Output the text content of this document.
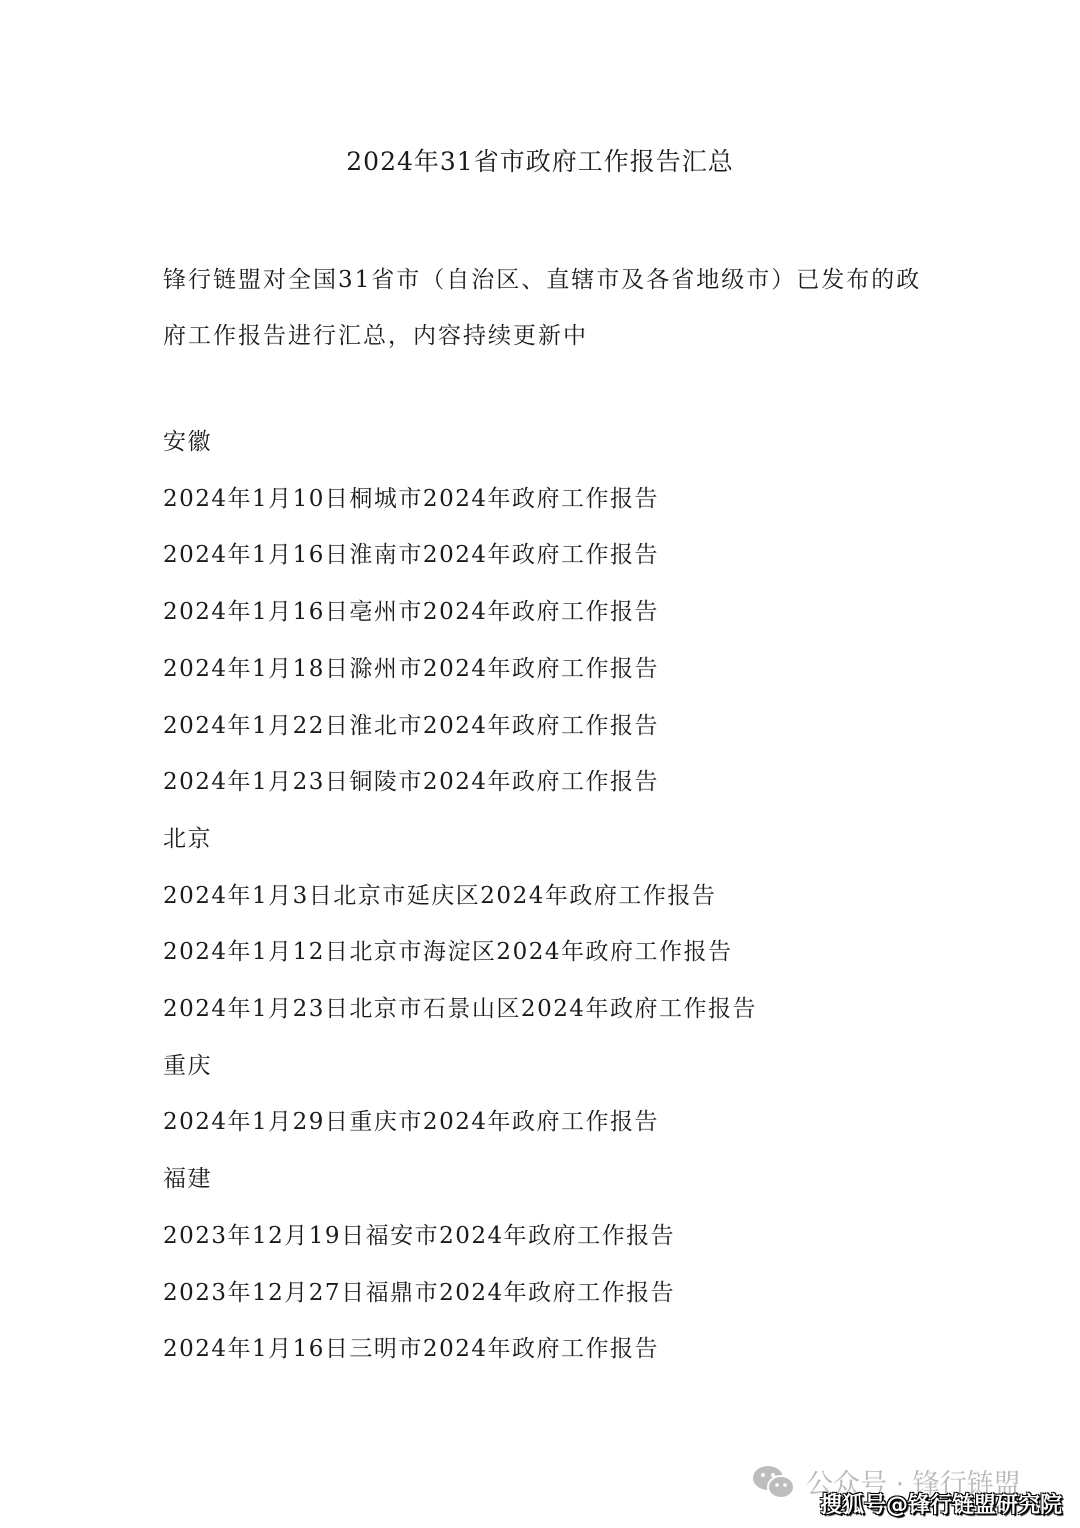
2024年31省市政府工作报告汇总
锋行链盟对全国31省市（自治区、直辖市及各省地级市）已发布的政府工作报告进行汇总，内容持续更新中
安徽
2024年1月10日桐城市2024年政府工作报告
2024年1月16日淮南市2024年政府工作报告
2024年1月16日亳州市2024年政府工作报告
2024年1月18日滁州市2024年政府工作报告
2024年1月22日淮北市2024年政府工作报告
2024年1月23日铜陵市2024年政府工作报告
北京
2024年1月3日北京市延庆区2024年政府工作报告
2024年1月12日北京市海淀区2024年政府工作报告
2024年1月23日北京市石景山区2024年政府工作报告
重庆
2024年1月29日重庆市2024年政府工作报告
福建
2023年12月19日福安市2024年政府工作报告
2023年12月27日福鼎市2024年政府工作报告
2024年1月16日三明市2024年政府工作报告
公众号 · 锋行链盟
搜狐号@锋行链盟研究院
